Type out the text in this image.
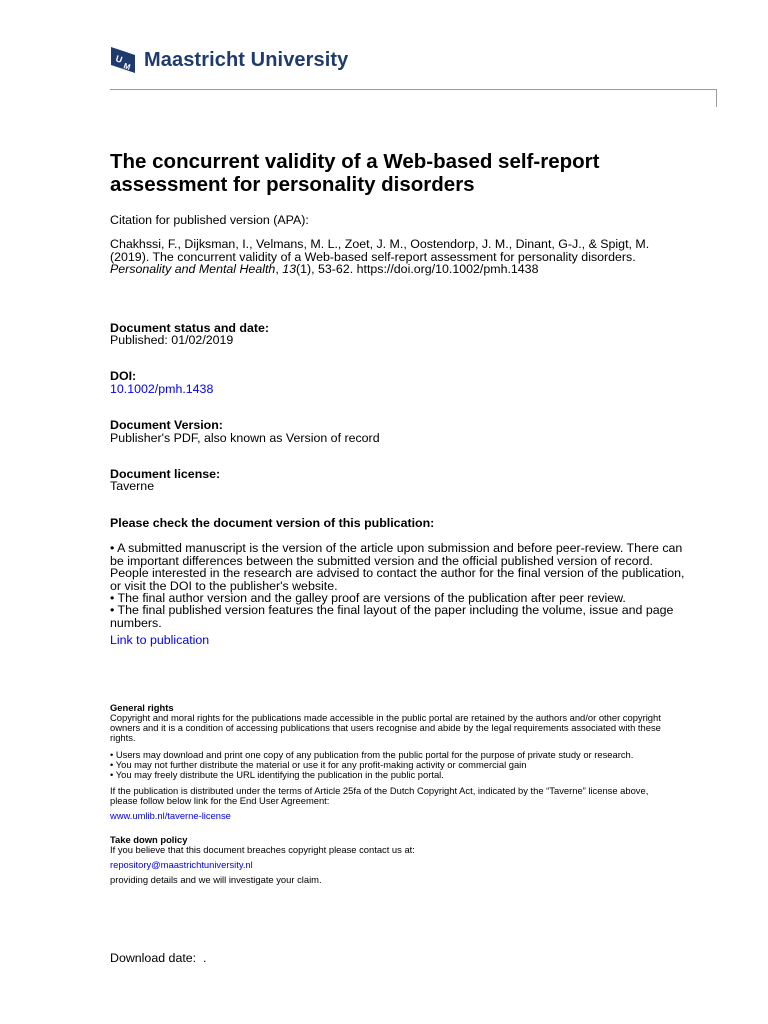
U
M Maastricht University
The concurrent validity of a Web-based self-report
assessment for personality disorders

Citation for published version (APA):

Chakhssi, F., Dijksman, I., Velmans, M. L., Zoet, J. M., Oostendorp, J. M., Dinant, G-J., & Spigt, M.

(2019). The concurrent validity of a Web-based self-report assessment for personality disorders.

Personality and Mental Health, 13(1), 53-62. https://doi.org/10.1002/pmh.1438

Document status and date:

Published: 01/02/2019

DOI:

10.1002/pmh.1438

Document Version:

Publisher's PDF, also known as Version of record

Document license:

Taverne

Please check the document version of this publication:

• A submitted manuscript is the version of the article upon submission and before peer-review. There can

be important differences between the submitted version and the official published version of record.

People interested in the research are advised to contact the author for the final version of the publication,

or visit the DOI to the publisher's website.

• The final author version and the galley proof are versions of the publication after peer review.

• The final published version features the final layout of the paper including the volume, issue and page

numbers.

Link to publication

General rights

Copyright and moral rights for the publications made accessible in the public portal are retained by the authors and/or other copyright

owners and it is a condition of accessing publications that users recognise and abide by the legal requirements associated with these

rights.

• Users may download and print one copy of any publication from the public portal for the purpose of private study or research.

• You may not further distribute the material or use it for any profit-making activity or commercial gain

• You may freely distribute the URL identifying the publication in the public portal.

If the publication is distributed under the terms of Article 25fa of the Dutch Copyright Act, indicated by the “Taverne” license above,

please follow below link for the End User Agreement:

www.umlib.nl/taverne-license

Take down policy

If you believe that this document breaches copyright please contact us at:

repository@maastrichtuniversity.nl

providing details and we will investigate your claim.

Download date: .
